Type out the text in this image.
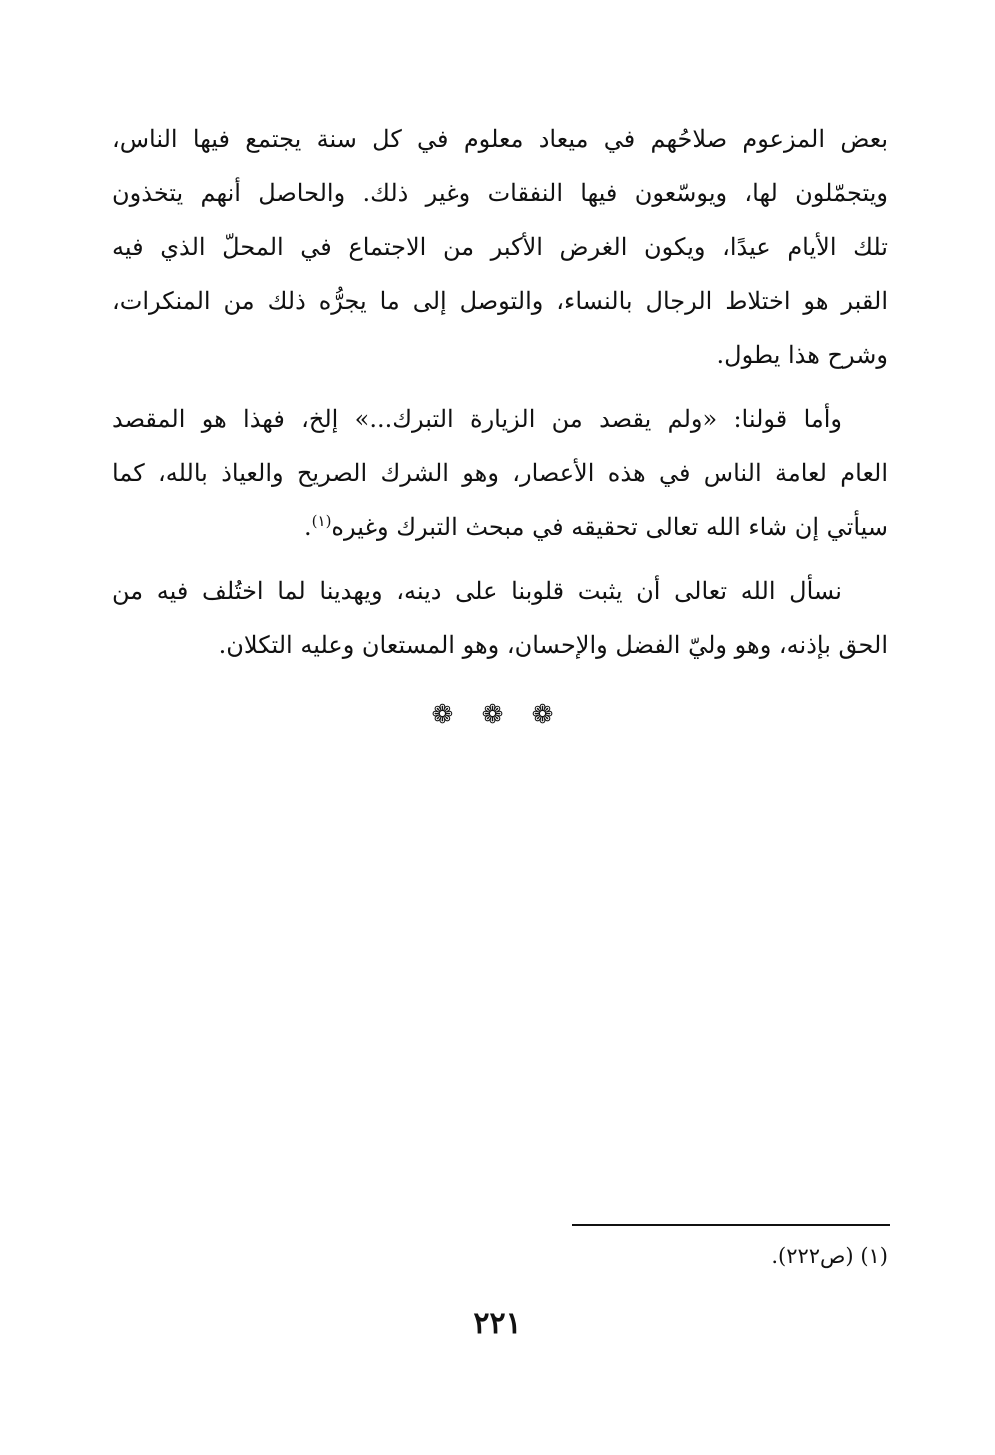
بعض المزعوم صلاحُهم في ميعاد معلوم في كل سنة يجتمع فيها الناس،
ويتجمّلون لها، ويوسّعون فيها النفقات وغير ذلك. والحاصل أنهم يتخذون
تلك الأيام عيدًا، ويكون الغرض الأكبر من الاجتماع في المحلّ الذي فيه
القبر هو اختلاط الرجال بالنساء، والتوصل إلى ما يجرُّه ذلك من المنكرات،
وشرح هذا يطول.

وأما قولنا: «ولم يقصد من الزيارة التبرك...» إلخ، فهذا هو المقصد
العام لعامة الناس في هذه الأعصار، وهو الشرك الصريح والعياذ بالله، كما
سيأتي إن شاء الله تعالى تحقيقه في مبحث التبرك وغيره$^{(١)}$.

نسأل الله تعالى أن يثبت قلوبنا على دينه، ويهدينا لما اختُلف فيه من
الحق بإذنه، وهو وليّ الفضل والإحسان، وهو المستعان وعليه التكلان.

❁ ❁ ❁
(١) (ص٢٢٢).
٢٢١
